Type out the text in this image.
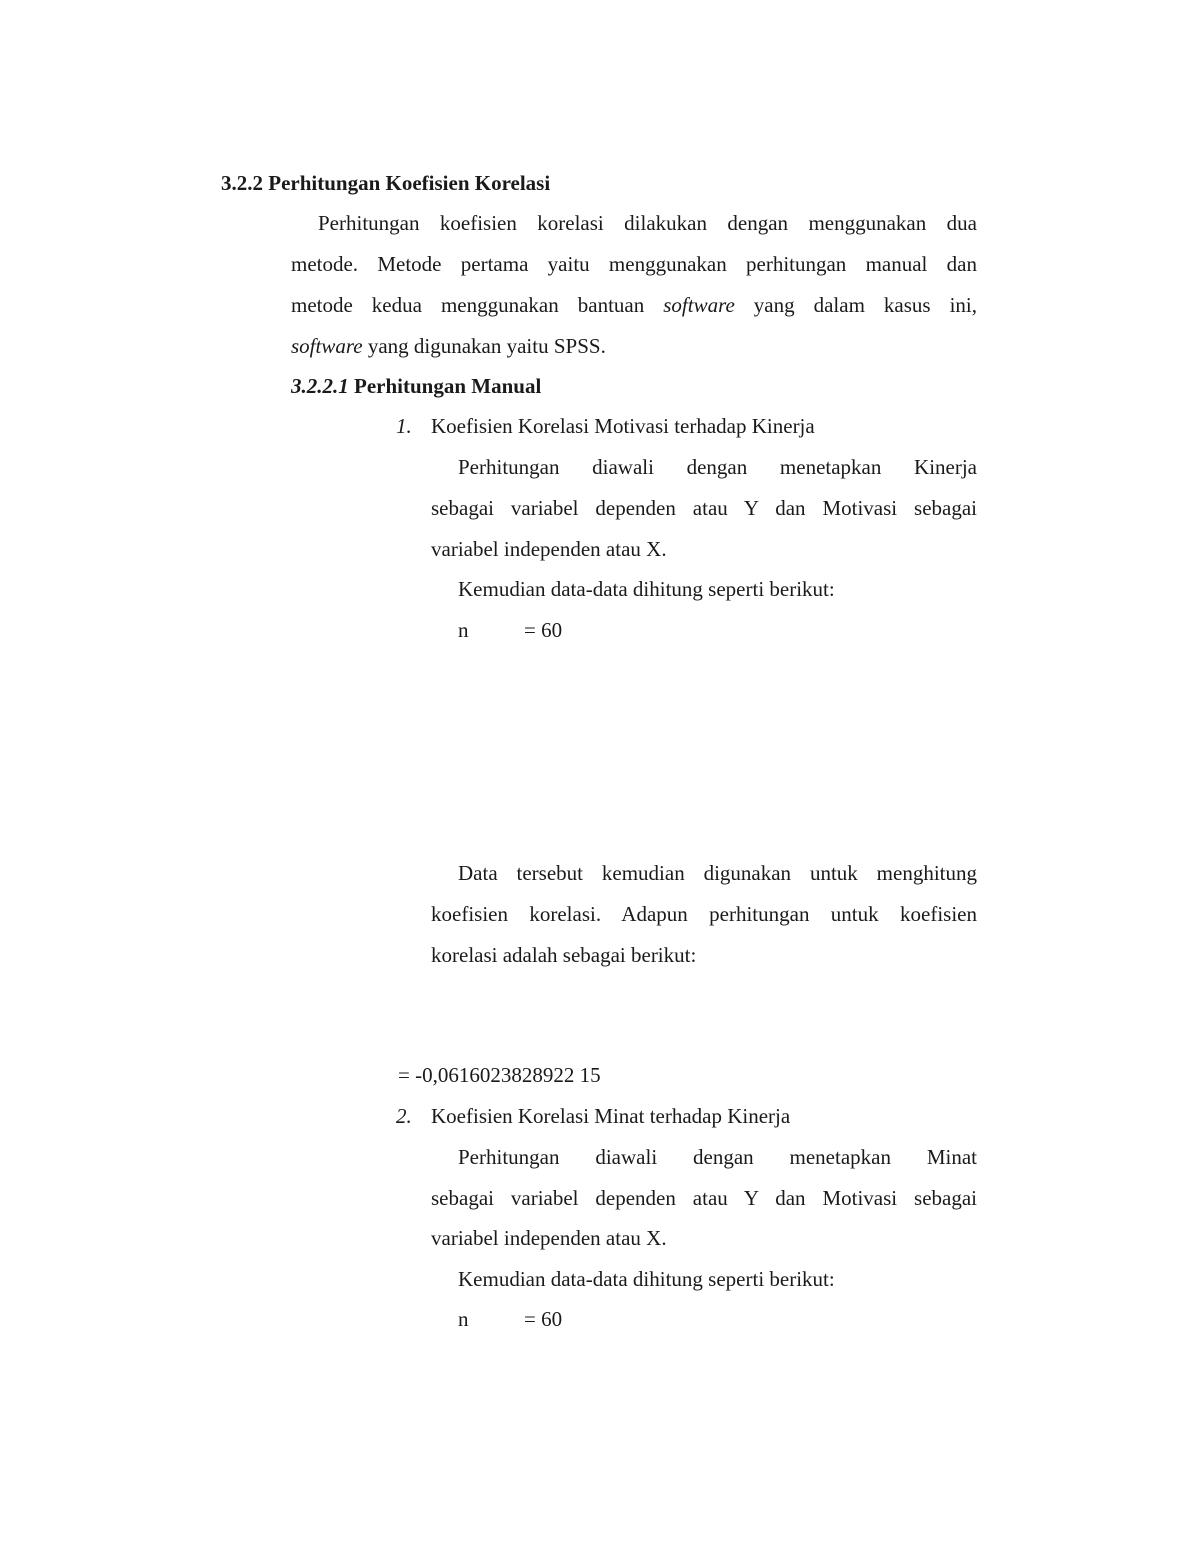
3.2.2 Perhitungan Koefisien Korelasi
Perhitungan koefisien korelasi dilakukan dengan menggunakan dua
metode. Metode pertama yaitu menggunakan perhitungan manual dan
metode kedua menggunakan bantuan software yang dalam kasus ini,
software yang digunakan yaitu SPSS.
3.2.2.1 Perhitungan Manual
1. Koefisien Korelasi Motivasi terhadap Kinerja
Perhitungan diawali dengan menetapkan Kinerja
sebagai variabel dependen atau Y dan Motivasi sebagai
variabel independen atau X.
Kemudian data-data dihitung seperti berikut:
n	= 60
Data tersebut kemudian digunakan untuk menghitung
koefisien korelasi. Adapun perhitungan untuk koefisien
korelasi adalah sebagai berikut:
= -0,0616023828922 15
2. Koefisien Korelasi Minat terhadap Kinerja
Perhitungan diawali dengan menetapkan Minat
sebagai variabel dependen atau Y dan Motivasi sebagai
variabel independen atau X.
Kemudian data-data dihitung seperti berikut:
n	= 60
